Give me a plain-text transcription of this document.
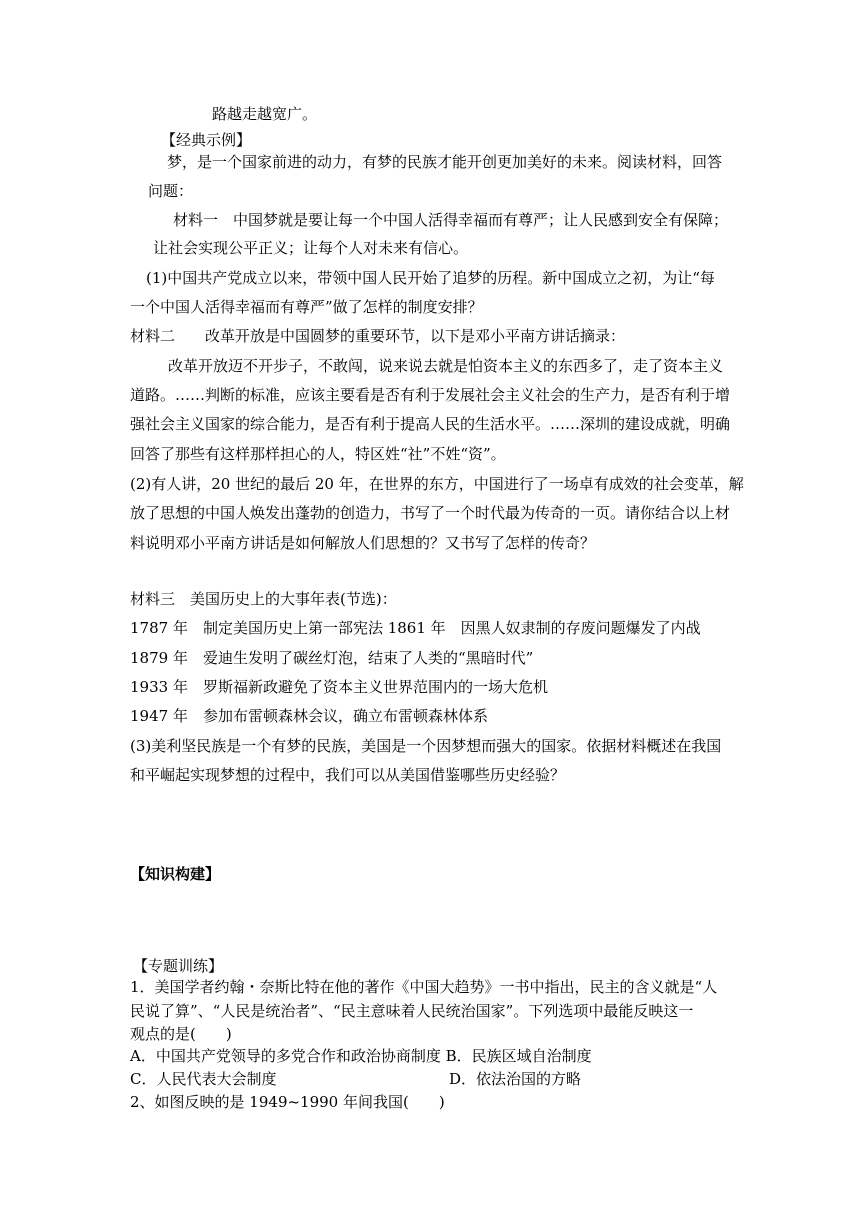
路越走越宽广。

【经典示例】

梦，是一个国家前进的动力，有梦的民族才能开创更加美好的未来。阅读材料，回答

问题：

材料一　中国梦就是要让每一个中国人活得幸福而有尊严；让人民感到安全有保障；

让社会实现公平正义；让每个人对未来有信心。

(1)中国共产党成立以来，带领中国人民开始了追梦的历程。新中国成立之初，为让“每

一个中国人活得幸福而有尊严”做了怎样的制度安排？

材料二　　改革开放是中国圆梦的重要环节，以下是邓小平南方讲话摘录：

改革开放迈不开步子，不敢闯，说来说去就是怕资本主义的东西多了，走了资本主义

道路。……判断的标准，应该主要看是否有利于发展社会主义社会的生产力，是否有利于增

强社会主义国家的综合能力，是否有利于提高人民的生活水平。……深圳的建设成就，明确

回答了那些有这样那样担心的人，特区姓“社”不姓“资”。

(2)有人讲，20 世纪的最后 20 年，在世界的东方，中国进行了一场卓有成效的社会变革，解

放了思想的中国人焕发出蓬勃的创造力，书写了一个时代最为传奇的一页。请你结合以上材

料说明邓小平南方讲话是如何解放人们思想的？又书写了怎样的传奇？

材料三　美国历史上的大事年表(节选)：

1787 年　制定美国历史上第一部宪法 1861 年　因黑人奴隶制的存废问题爆发了内战

1879 年　爱迪生发明了碳丝灯泡，结束了人类的“黑暗时代”

1933 年　罗斯福新政避免了资本主义世界范围内的一场大危机

1947 年　参加布雷顿森林会议，确立布雷顿森林体系

(3)美利坚民族是一个有梦的民族，美国是一个因梦想而强大的国家。依据材料概述在我国

和平崛起实现梦想的过程中，我们可以从美国借鉴哪些历史经验？

【知识构建】

【专题训练】

1．美国学者约翰・奈斯比特在他的著作《中国大趋势》一书中指出，民主的含义就是“人

民说了算”、“人民是统治者”、“民主意味着人民统治国家”。下列选项中最能反映这一

观点的是(　　)

A．中国共产党领导的多党合作和政治协商制度 B．民族区域自治制度

C．人民代表大会制度	D．依法治国的方略

2、如图反映的是 1949~1990 年间我国(　　)
